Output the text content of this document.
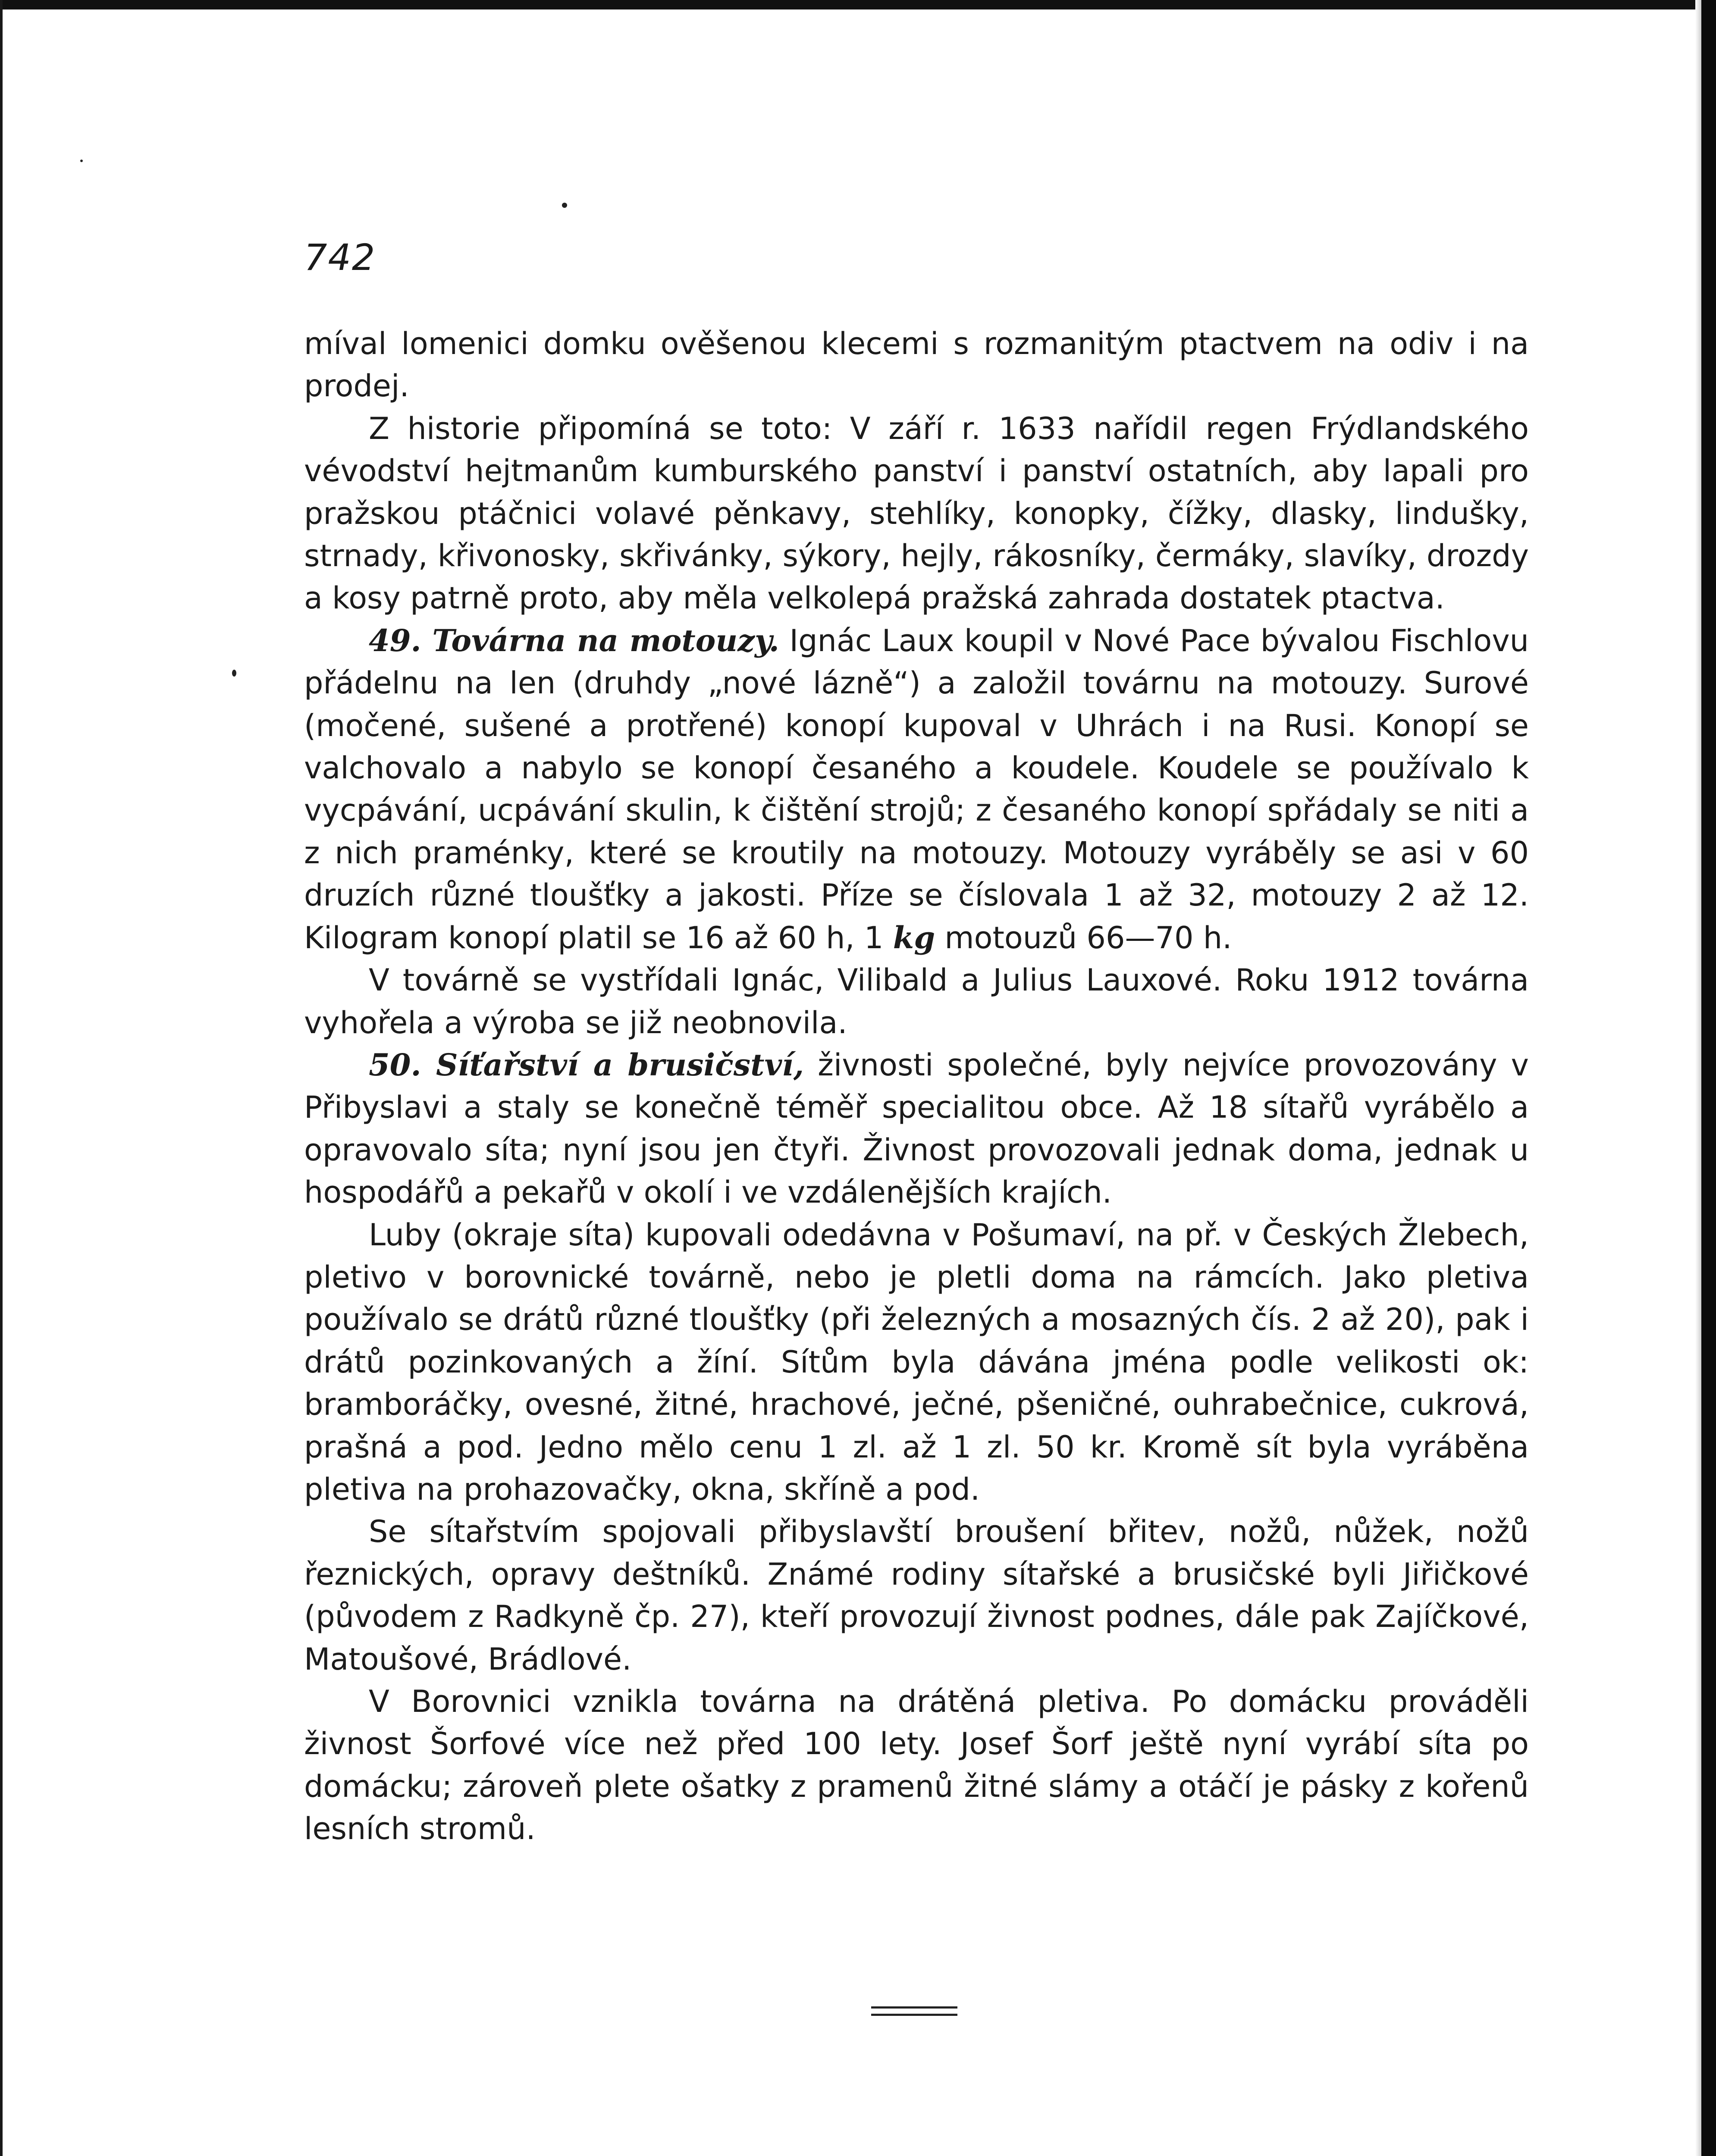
742

míval lomenici domku ověšenou klecemi s rozmanitým ptactvem na odiv i na prodej.

Z historie připomíná se toto: V září r. 1633 nařídil regen Frýdlandského vévodství hejtmanům kumburského panství i panství ostatních, aby lapali pro pražskou ptáčnici volavé pěnkavy, stehlíky, konopky, čížky, dlasky, lindušky, strnady, křivonosky, skřivánky, sýkory, hejly, rákosníky, čermáky, slavíky, drozdy a kosy patrně proto, aby měla velkolepá pražská zahrada dostatek ptactva.

49. Továrna na motouzy. Ignác Laux koupil v Nové Pace bývalou Fischlovu přádelnu na len (druhdy „nové lázně“) a založil továrnu na motouzy. Surové (močené, sušené a protřené) konopí kupoval v Uhrách i na Rusi. Konopí se valchovalo a nabylo se konopí česaného a koudele. Koudele se používalo k vycpávání, ucpávání skulin, k čištění strojů; z česaného konopí spřádaly se niti a z nich praménky, které se kroutily na motouzy. Motouzy vyráběly se asi v 60 druzích různé tloušťky a jakosti. Příze se číslovala 1 až 32, motouzy 2 až 12. Kilogram konopí platil se 16 až 60 h, 1 kg motouzů 66—70 h.

V továrně se vystřídali Ignác, Vilibald a Julius Lauxové. Roku 1912 továrna vyhořela a výroba se již neobnovila.

50. Síťařství a brusičství, živnosti společné, byly nejvíce provozovány v Přibyslavi a staly se konečně téměř specialitou obce. Až 18 sítařů vyrábělo a opravovalo síta; nyní jsou jen čtyři. Živnost provozovali jednak doma, jednak u hospodářů a pekařů v okolí i ve vzdálenějších krajích.

Luby (okraje síta) kupovali odedávna v Pošumaví, na př. v Českých Žlebech, pletivo v borovnické továrně, nebo je pletli doma na rámcích. Jako pletiva používalo se drátů různé tloušťky (při železných a mosazných čís. 2 až 20), pak i drátů pozinkovaných a žíní. Sítům byla dávána jména podle velikosti ok: bramboráčky, ovesné, žitné, hrachové, ječné, pšeničné, ouhrabečnice, cukrová, prašná a pod. Jedno mělo cenu 1 zl. až 1 zl. 50 kr. Kromě sít byla vyráběna pletiva na prohazovačky, okna, skříně a pod.

Se sítařstvím spojovali přibyslavští broušení břitev, nožů, nůžek, nožů řeznických, opravy deštníků. Známé rodiny sítařské a brusičské byli Jiřičkové (původem z Radkyně čp. 27), kteří provozují živnost podnes, dále pak Zajíčkové, Matoušové, Brádlové.

V Borovnici vznikla továrna na drátěná pletiva. Po domácku prováděli živnost Šorfové více než před 100 lety. Josef Šorf ještě nyní vyrábí síta po domácku; zároveň plete ošatky z pramenů žitné slámy a otáčí je pásky z kořenů lesních stromů.
